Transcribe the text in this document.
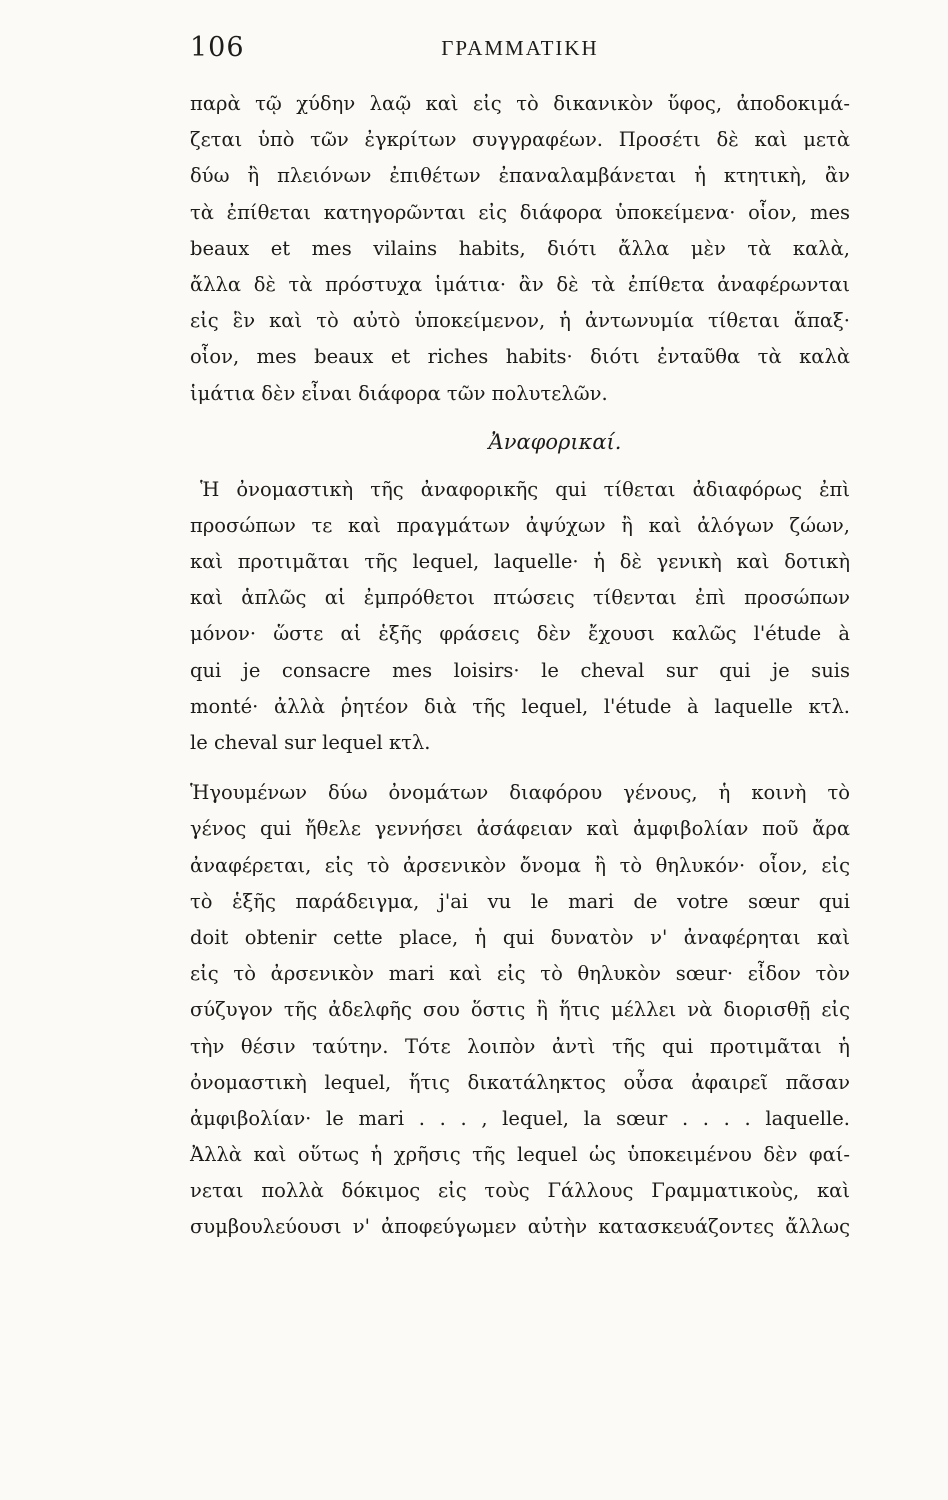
106	ΓΡΑΜΜΑΤΙΚΗ
παρὰ τῷ χύδην λαῷ καὶ εἰς τὸ δικανικὸν ὕφος, ἀποδοκιμά-
ζεται ὑπὸ τῶν ἐγκρίτων συγγραφέων. Προσέτι δὲ καὶ μετὰ
δύω ἢ πλειόνων ἐπιθέτων ἐπαναλαμβάνεται ἡ κτητικὴ, ἂν
τὰ ἐπίθεται κατηγορῶνται εἰς διάφορα ὑποκείμενα· οἷον, mes
beaux et mes vilains habits, διότι ἄλλα μὲν τὰ καλὰ,
ἄλλα δὲ τὰ πρόστυχα ἱμάτια· ἂν δὲ τὰ ἐπίθετα ἀναφέρωνται
εἰς ἓν καὶ τὸ αὐτὸ ὑποκείμενον, ἡ ἀντωνυμία τίθεται ἅπαξ·
οἷον, mes beaux et riches habits· διότι ἐνταῦθα τὰ καλὰ
ἱμάτια δὲν εἶναι διάφορα τῶν πολυτελῶν.
Ἀναφορικαί.
Ἡ ὀνομαστικὴ τῆς ἀναφορικῆς qui τίθεται ἀδιαφόρως ἐπὶ
προσώπων τε καὶ πραγμάτων ἀψύχων ἢ καὶ ἀλόγων ζώων,
καὶ προτιμᾶται τῆς lequel, laquelle· ἡ δὲ γενικὴ καὶ δοτικὴ
καὶ ἁπλῶς αἱ ἐμπρόθετοι πτώσεις τίθενται ἐπὶ προσώπων
μόνον· ὥστε αἱ ἑξῆς φράσεις δὲν ἔχουσι καλῶς l'étude à
qui je consacre mes loisirs· le cheval sur qui je suis
monté· ἀλλὰ ῥητέον διὰ τῆς lequel, l'étude à laquelle κτλ.
le cheval sur lequel κτλ.
Ἡγουμένων δύω ὀνομάτων διαφόρου γένους, ἡ κοινὴ τὸ
γένος qui ἤθελε γεννήσει ἀσάφειαν καὶ ἀμφιβολίαν ποῦ ἄρα
ἀναφέρεται, εἰς τὸ ἀρσενικὸν ὄνομα ἢ τὸ θηλυκόν· οἷον, εἰς
τὸ ἑξῆς παράδειγμα, j'ai vu le mari de votre sœur qui
doit obtenir cette place, ἡ qui δυνατὸν ν' ἀναφέρηται καὶ
εἰς τὸ ἀρσενικὸν mari καὶ εἰς τὸ θηλυκὸν sœur· εἶδον τὸν
σύζυγον τῆς ἀδελφῆς σου ὅστις ἢ ἥτις μέλλει νὰ διορισθῇ εἰς
τὴν θέσιν ταύτην. Τότε λοιπὸν ἀντὶ τῆς qui προτιμᾶται ἡ
ὀνομαστικὴ lequel, ἥτις δικατάληκτος οὖσα ἀφαιρεῖ πᾶσαν
ἀμφιβολίαν· le mari . . . , lequel, la sœur . . . . laquelle.
Ἀλλὰ καὶ οὕτως ἡ χρῆσις τῆς lequel ὡς ὑποκειμένου δὲν φαί-
νεται πολλὰ δόκιμος εἰς τοὺς Γάλλους Γραμματικοὺς, καὶ
συμβουλεύουσι ν' ἀποφεύγωμεν αὐτὴν κατασκευάζοντες ἄλλως
